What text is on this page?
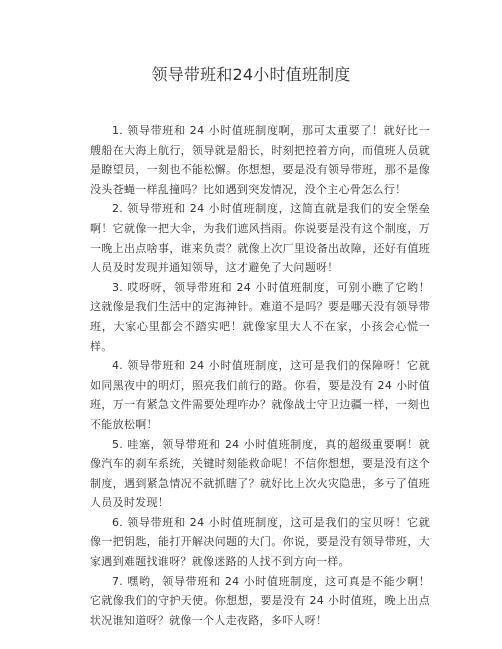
领导带班和24小时值班制度

1. 领导带班和 24 小时值班制度啊，那可太重要了！就好比一艘船在大海上航行，领导就是船长，时刻把控着方向，而值班人员就是瞭望员，一刻也不能松懈。你想想，要是没有领导带班，那不是像没头苍蝇一样乱撞吗？比如遇到突发情况，没个主心骨怎么行！

2. 领导带班和 24 小时值班制度，这简直就是我们的安全堡垒啊！它就像一把大伞，为我们遮风挡雨。你说要是没有这个制度，万一晚上出点啥事，谁来负责？就像上次厂里设备出故障，还好有值班人员及时发现并通知领导，这才避免了大问题呀！

3. 哎呀呀，领导带班和 24 小时值班制度，可别小瞧了它哟！这就像是我们生活中的定海神针。难道不是吗？要是哪天没有领导带班，大家心里都会不踏实吧！就像家里大人不在家，小孩会心慌一样。

4. 领导带班和 24 小时值班制度，这可是我们的保障呀！它就如同黑夜中的明灯，照亮我们前行的路。你看，要是没有 24 小时值班，万一有紧急文件需要处理咋办？就像战士守卫边疆一样，一刻也不能放松啊！

5. 哇塞，领导带班和 24 小时值班制度，真的超级重要啊！就像汽车的刹车系统，关键时刻能救命呢！不信你想想，要是没有这个制度，遇到紧急情况不就抓瞎了？就好比上次火灾隐患，多亏了值班人员及时发现！

6. 领导带班和 24 小时值班制度，这可是我们的宝贝呀！它就像一把钥匙，能打开解决问题的大门。你说，要是没有领导带班，大家遇到难题找谁呀？就像迷路的人找不到方向一样。

7. 嘿哟，领导带班和 24 小时值班制度，这可真是不能少啊！它就像我们的守护天使。你想想，要是没有 24 小时值班，晚上出点状况谁知道呀？就像一个人走夜路，多吓人呀！
